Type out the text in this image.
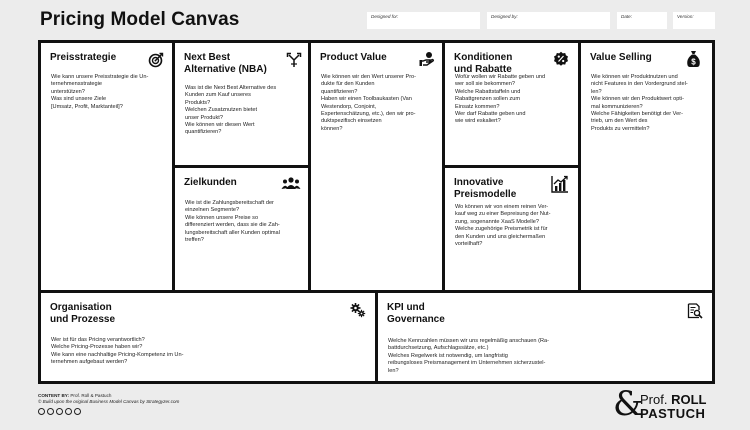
Pricing Model Canvas	Designed for:	Designed by:	Date:	Version:
Preisstrategie

Wie kann unsere Preisstrategie die Un-
ternehmensstrategie
unterstützen?
Was sind unsere Ziele
[Umsatz, Profit, Marktanteil]?

Next Best
Alternative (NBA)

Was ist die Next Best Alternative des
Kunden zum Kauf unseres
Produkts?
Welchen Zusatznutzen bietet
unser Produkt?
Wie können wir diesen Wert
quantifizieren?

Zielkunden

Wie ist die Zahlungsbereitschaft der
einzelnen Segmente?
Wie können unsere Preise so
differenziert werden, dass sie die Zah-
lungsbereitschaft aller Kunden optimal
treffen?

Product Value

Wie können wir den Wert unserer Pro-
dukte für den Kunden
quantifizieren?
Haben wir einen Toolbaukasten (Van
Westendorp, Conjoint,
Expertenschätzung, etc.), den wir pro-
duktspezifisch einsetzen
können?

Konditionen
und Rabatte

Wofür wollen wir Rabatte geben und
wer soll sie bekommen?
Welche Rabattstaffeln und
Rabattgrenzen sollen zum
Einsatz kommen?
Wer darf Rabatte geben und
wie wird eskaliert?

Innovative
Preismodelle

Wo können wir von einem reinen Ver-
kauf weg zu einer Bepreisung der Nut-
zung, sogenannte XaaS Modelle?
Welche zugehörige Preismetrik ist für
den Kunden und uns gleichermaßen
vorteilhaft?

Value Selling	$

Wie können wir Produktnutzen und
nicht Features in den Vordergrund stel-
len?
Wie können wir den Produktwert opti-
mal kommunizieren?
Welche Fähigkeiten benötigt der Ver-
trieb, um den Wert des
Produkts zu vermitteln?

Organisation
und Prozesse

Wer ist für das Pricing verantwortlich?
Welche Pricing-Prozesse haben wir?
Wie kann eine nachhaltige Pricing-Kompetenz im Un-
ternehmen aufgebaut werden?

KPI und
Governance

Welche Kennzahlen müssen wir uns regelmäßig anschauen (Ra-
battdurchsetzung, Aufschlagssätze, etc.)
Welches Regelwerk ist notwendig, um langfristig
reibungsloses Preismanagement im Unternehmen sicherzustel-
len?

CONTENT BY: Prof. Roll & Pastuch
© Build upon the original Business Model Canvas by Strategyzer.com	&
Prof. ROLL
PASTUCH
